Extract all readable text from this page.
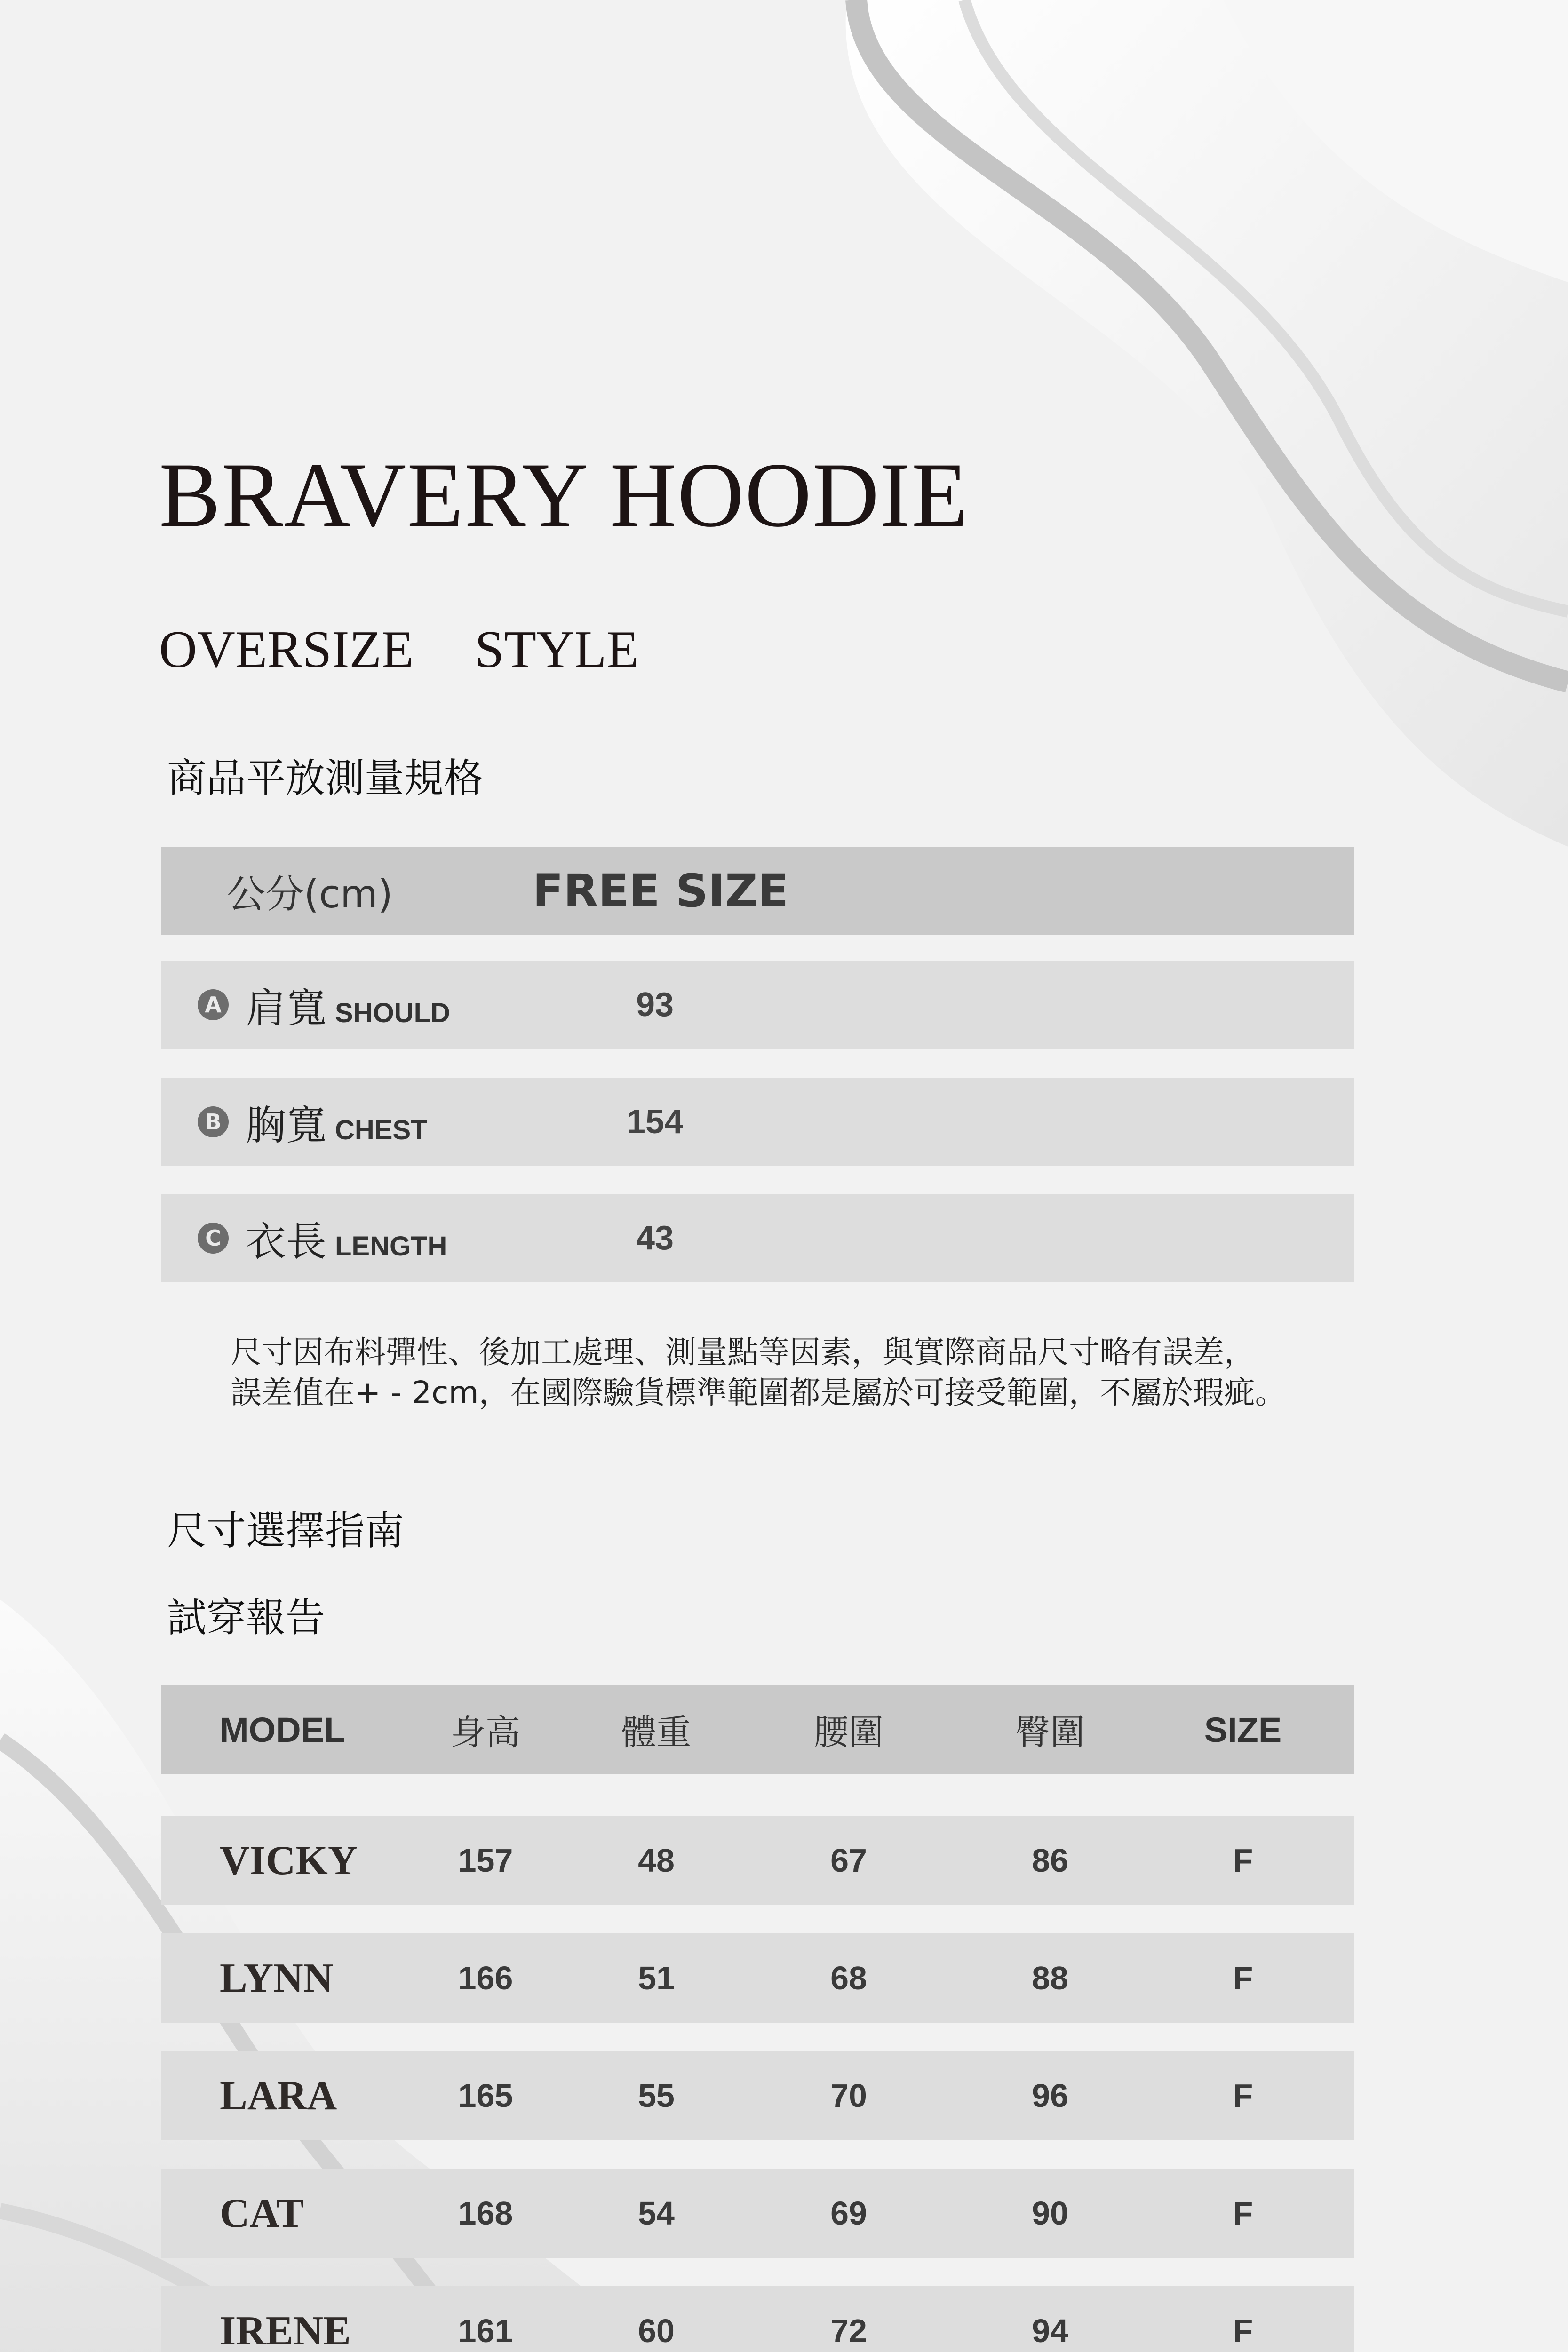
BRAVERY HOODIE
OVERSIZE STYLE
商品平放測量規格
公分(cm)	FREE SIZE
A 肩寬 SHOULD	93
B 胸寬 CHEST	154
C 衣長 LENGTH	43
尺寸因布料彈性、後加工處理、測量點等因素，與實際商品尺寸略有誤差，
誤差值在+ - 2cm，在國際驗貨標準範圍都是屬於可接受範圍，不屬於瑕疵。
尺寸選擇指南
試穿報告
MODEL	身高	體重	腰圍	臀圍	SIZE
VICKY	157	48	67	86	F
LYNN	166	51	68	88	F
LARA	165	55	70	96	F
CAT	168	54	69	90	F
IRENE	161	60	72	94	F
